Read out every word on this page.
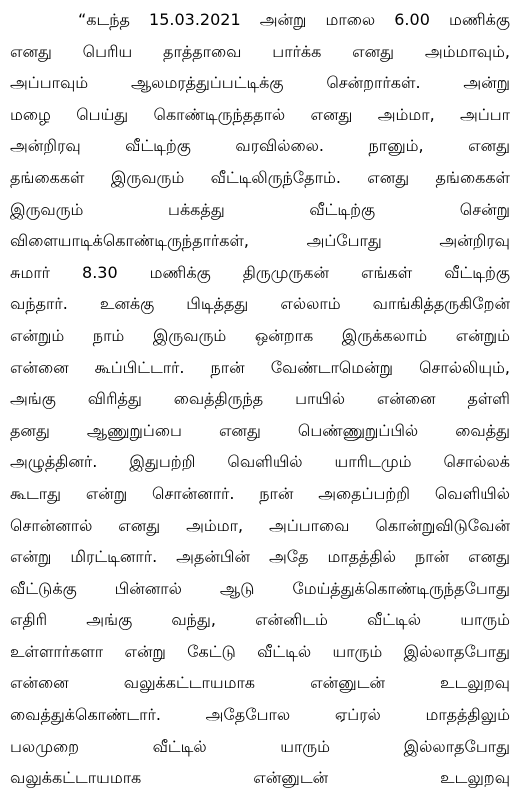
“கடந்த 15.03.2021 அன்று மாலை 6.00 மணிக்கு
எனது பெரிய தாத்தாவை பார்க்க எனது அம்மாவும்,
அப்பாவும் ஆலமரத்துப்பட்டிக்கு சென்றார்கள். அன்று
மழை பெய்து கொண்டிருந்ததால் எனது அம்மா, அப்பா
அன்றிரவு வீட்டிற்கு வரவில்லை. நானும், எனது
தங்கைகள் இருவரும் வீட்டிலிருந்தோம். எனது தங்கைகள்
இருவரும் பக்கத்து வீட்டிற்கு சென்று
விளையாடிக்கொண்டிருந்தார்கள், அப்போது அன்றிரவு
சுமார் 8.30 மணிக்கு திருமுருகன் எங்கள் வீட்டிற்கு
வந்தார். உனக்கு பிடித்தது எல்லாம் வாங்கித்தருகிறேன்
என்றும் நாம் இருவரும் ஒன்றாக இருக்கலாம் என்றும்
என்னை கூப்பிட்டார். நான் வேண்டாமென்று சொல்லியும்,
அங்கு விரித்து வைத்திருந்த பாயில் என்னை தள்ளி
தனது ஆணுறுப்பை எனது பெண்ணுறுப்பில் வைத்து
அழுத்தினர். இதுபற்றி வெளியில் யாரிடமும் சொல்லக்
கூடாது என்று சொன்னார். நான் அதைப்பற்றி வெளியில்
சொன்னால் எனது அம்மா, அப்பாவை கொன்றுவிடுவேன்
என்று மிரட்டினார். அதன்பின் அதே மாதத்தில் நான் எனது
வீட்டுக்கு பின்னால் ஆடு மேய்த்துக்கொண்டிருந்தபோது
எதிரி அங்கு வந்து, என்னிடம் வீட்டில் யாரும்
உள்ளார்களா என்று கேட்டு வீட்டில் யாரும் இல்லாதபோது
என்னை வலுக்கட்டாயமாக என்னுடன் உடலுறவு
வைத்துக்கொண்டார். அதேபோல ஏப்ரல் மாதத்திலும்
பலமுறை வீட்டில் யாரும் இல்லாதபோது
வலுக்கட்டாயமாக என்னுடன் உடலுறவு
